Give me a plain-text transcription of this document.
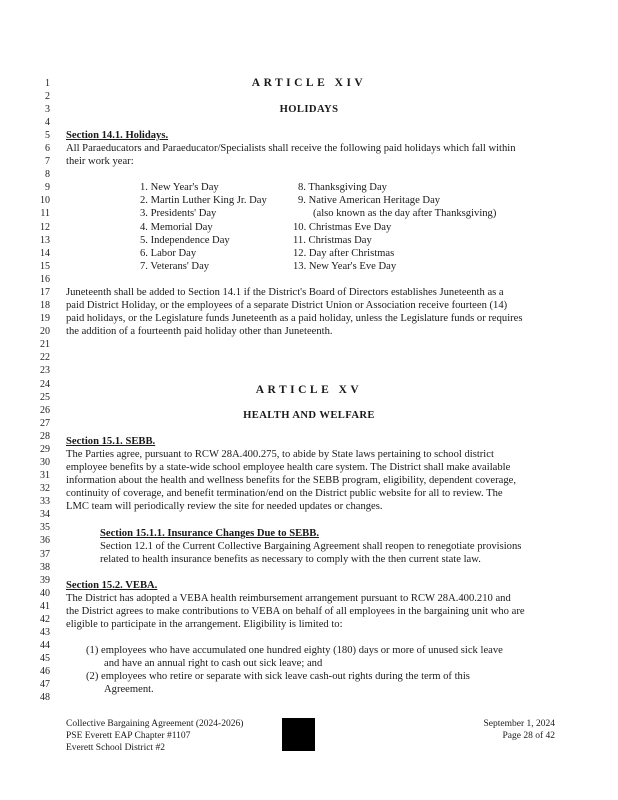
1
2
3
4
5
6
7
8
9
10
11
12
13
14
15
16
17
18
19
20
21
22
23
24
25
26
27
28
29
30
31
32
33
34
35
36
37
38
39
40
41
42
43
44
45
46
47
48
ARTICLE XIV
HOLIDAYS
Section 14.1. Holidays.
All Paraeducators and Paraeducator/Specialists shall receive the following paid holidays which fall within
their work year:
1. New Year's Day
2. Martin Luther King Jr. Day
3. Presidents' Day
4. Memorial Day
5. Independence Day
6. Labor Day
7. Veterans' Day
8. Thanksgiving Day
9. Native American Heritage Day
(also known as the day after Thanksgiving)
10. Christmas Eve Day
11. Christmas Day
12. Day after Christmas
13. New Year's Eve Day
Juneteenth shall be added to Section 14.1 if the District's Board of Directors establishes Juneteenth as a
paid District Holiday, or the employees of a separate District Union or Association receive fourteen (14)
paid holidays, or the Legislature funds Juneteenth as a paid holiday, unless the Legislature funds or requires
the addition of a fourteenth paid holiday other than Juneteenth.
ARTICLE XV
HEALTH AND WELFARE
Section 15.1. SEBB.
The Parties agree, pursuant to RCW 28A.400.275, to abide by State laws pertaining to school district
employee benefits by a state-wide school employee health care system. The District shall make available
information about the health and wellness benefits for the SEBB program, eligibility, dependent coverage,
continuity of coverage, and benefit termination/end on the District public website for all to review. The
LMC team will periodically review the site for needed updates or changes.
Section 15.1.1. Insurance Changes Due to SEBB.
Section 12.1 of the Current Collective Bargaining Agreement shall reopen to renegotiate provisions
related to health insurance benefits as necessary to comply with the then current state law.
Section 15.2. VEBA.
The District has adopted a VEBA health reimbursement arrangement pursuant to RCW 28A.400.210 and
the District agrees to make contributions to VEBA on behalf of all employees in the bargaining unit who are
eligible to participate in the arrangement. Eligibility is limited to:
(1) employees who have accumulated one hundred eighty (180) days or more of unused sick leave
and have an annual right to cash out sick leave; and
(2) employees who retire or separate with sick leave cash-out rights during the term of this
Agreement.
Collective Bargaining Agreement (2024-2026)
PSE Everett EAP Chapter #1107
Everett School District #2
September 1, 2024
Page 28 of 42
